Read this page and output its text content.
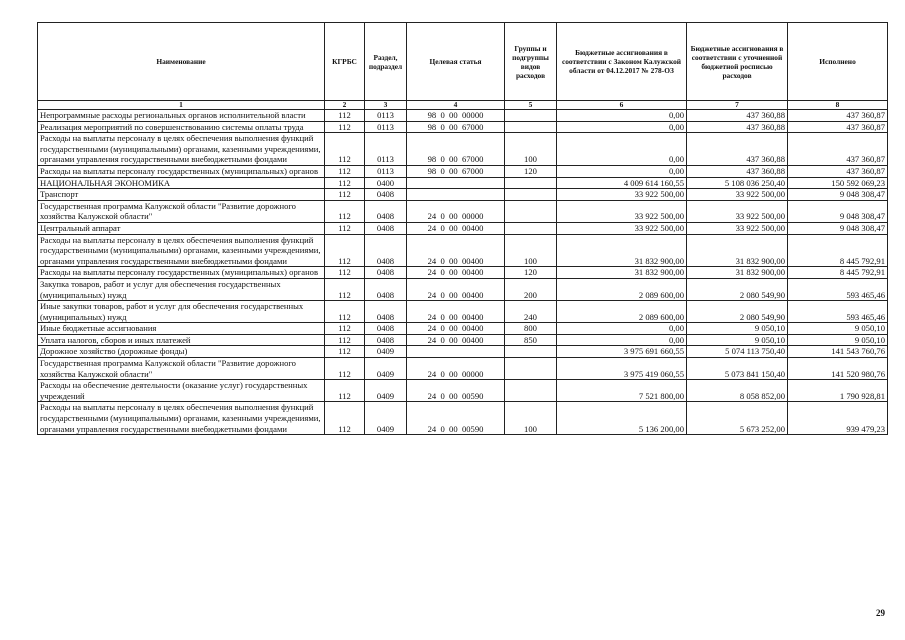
Наименование	КГРБС	Раздел, подраздел	Целевая статья	Группы и подгруппы видов расходов	Бюджетные ассигнования в соответствии с Законом Калужской области от 04.12.2017 № 278-ОЗ	Бюджетные ассигнования в соответствии с уточненной бюджетной росписью расходов	Исполнено
1	2	3	4	5	6	7	8
Непрограммные расходы региональных органов исполнительной власти	112	0113	98  0  00  00000		0,00	437 360,88	437 360,87
Реализация мероприятий по совершенствованию системы оплаты труда	112	0113	98  0  00  67000		0,00	437 360,88	437 360,87
Расходы на выплаты персоналу в целях обеспечения выполнения функций государственными (муниципальными) органами, казенными учреждениями, органами управления государственными внебюджетными фондами	112	0113	98  0  00  67000	100	0,00	437 360,88	437 360,87
Расходы на выплаты персоналу государственных (муниципальных) органов	112	0113	98  0  00  67000	120	0,00	437 360,88	437 360,87
НАЦИОНАЛЬНАЯ ЭКОНОМИКА	112	0400			4 009 614 160,55	5 108 036 250,40	150 592 069,23
Транспорт	112	0408			33 922 500,00	33 922 500,00	9 048 308,47
Государственная программа Калужской области "Развитие дорожного хозяйства Калужской области"	112	0408	24  0  00  00000		33 922 500,00	33 922 500,00	9 048 308,47
Центральный аппарат	112	0408	24  0  00  00400		33 922 500,00	33 922 500,00	9 048 308,47
Расходы на выплаты персоналу в целях обеспечения выполнения функций государственными (муниципальными) органами, казенными учреждениями, органами управления государственными внебюджетными фондами	112	0408	24  0  00  00400	100	31 832 900,00	31 832 900,00	8 445 792,91
Расходы на выплаты персоналу государственных (муниципальных) органов	112	0408	24  0  00  00400	120	31 832 900,00	31 832 900,00	8 445 792,91
Закупка товаров, работ и услуг для обеспечения государственных (муниципальных) нужд	112	0408	24  0  00  00400	200	2 089 600,00	2 080 549,90	593 465,46
Иные закупки товаров, работ и услуг для обеспечения государственных (муниципальных) нужд	112	0408	24  0  00  00400	240	2 089 600,00	2 080 549,90	593 465,46
Иные бюджетные ассигнования	112	0408	24  0  00  00400	800	0,00	9 050,10	9 050,10
Уплата налогов, сборов и иных платежей	112	0408	24  0  00  00400	850	0,00	9 050,10	9 050,10
Дорожное хозяйство (дорожные фонды)	112	0409			3 975 691 660,55	5 074 113 750,40	141 543 760,76
Государственная программа Калужской области "Развитие дорожного хозяйства Калужской области"	112	0409	24  0  00  00000		3 975 419 060,55	5 073 841 150,40	141 520 980,76
Расходы на обеспечение деятельности (оказание услуг) государственных учреждений	112	0409	24  0  00  00590		7 521 800,00	8 058 852,00	1 790 928,81
Расходы на выплаты персоналу в целях обеспечения выполнения функций государственными (муниципальными) органами, казенными учреждениями, органами управления государственными внебюджетными фондами	112	0409	24  0  00  00590	100	5 136 200,00	5 673 252,00	939 479,23
29
